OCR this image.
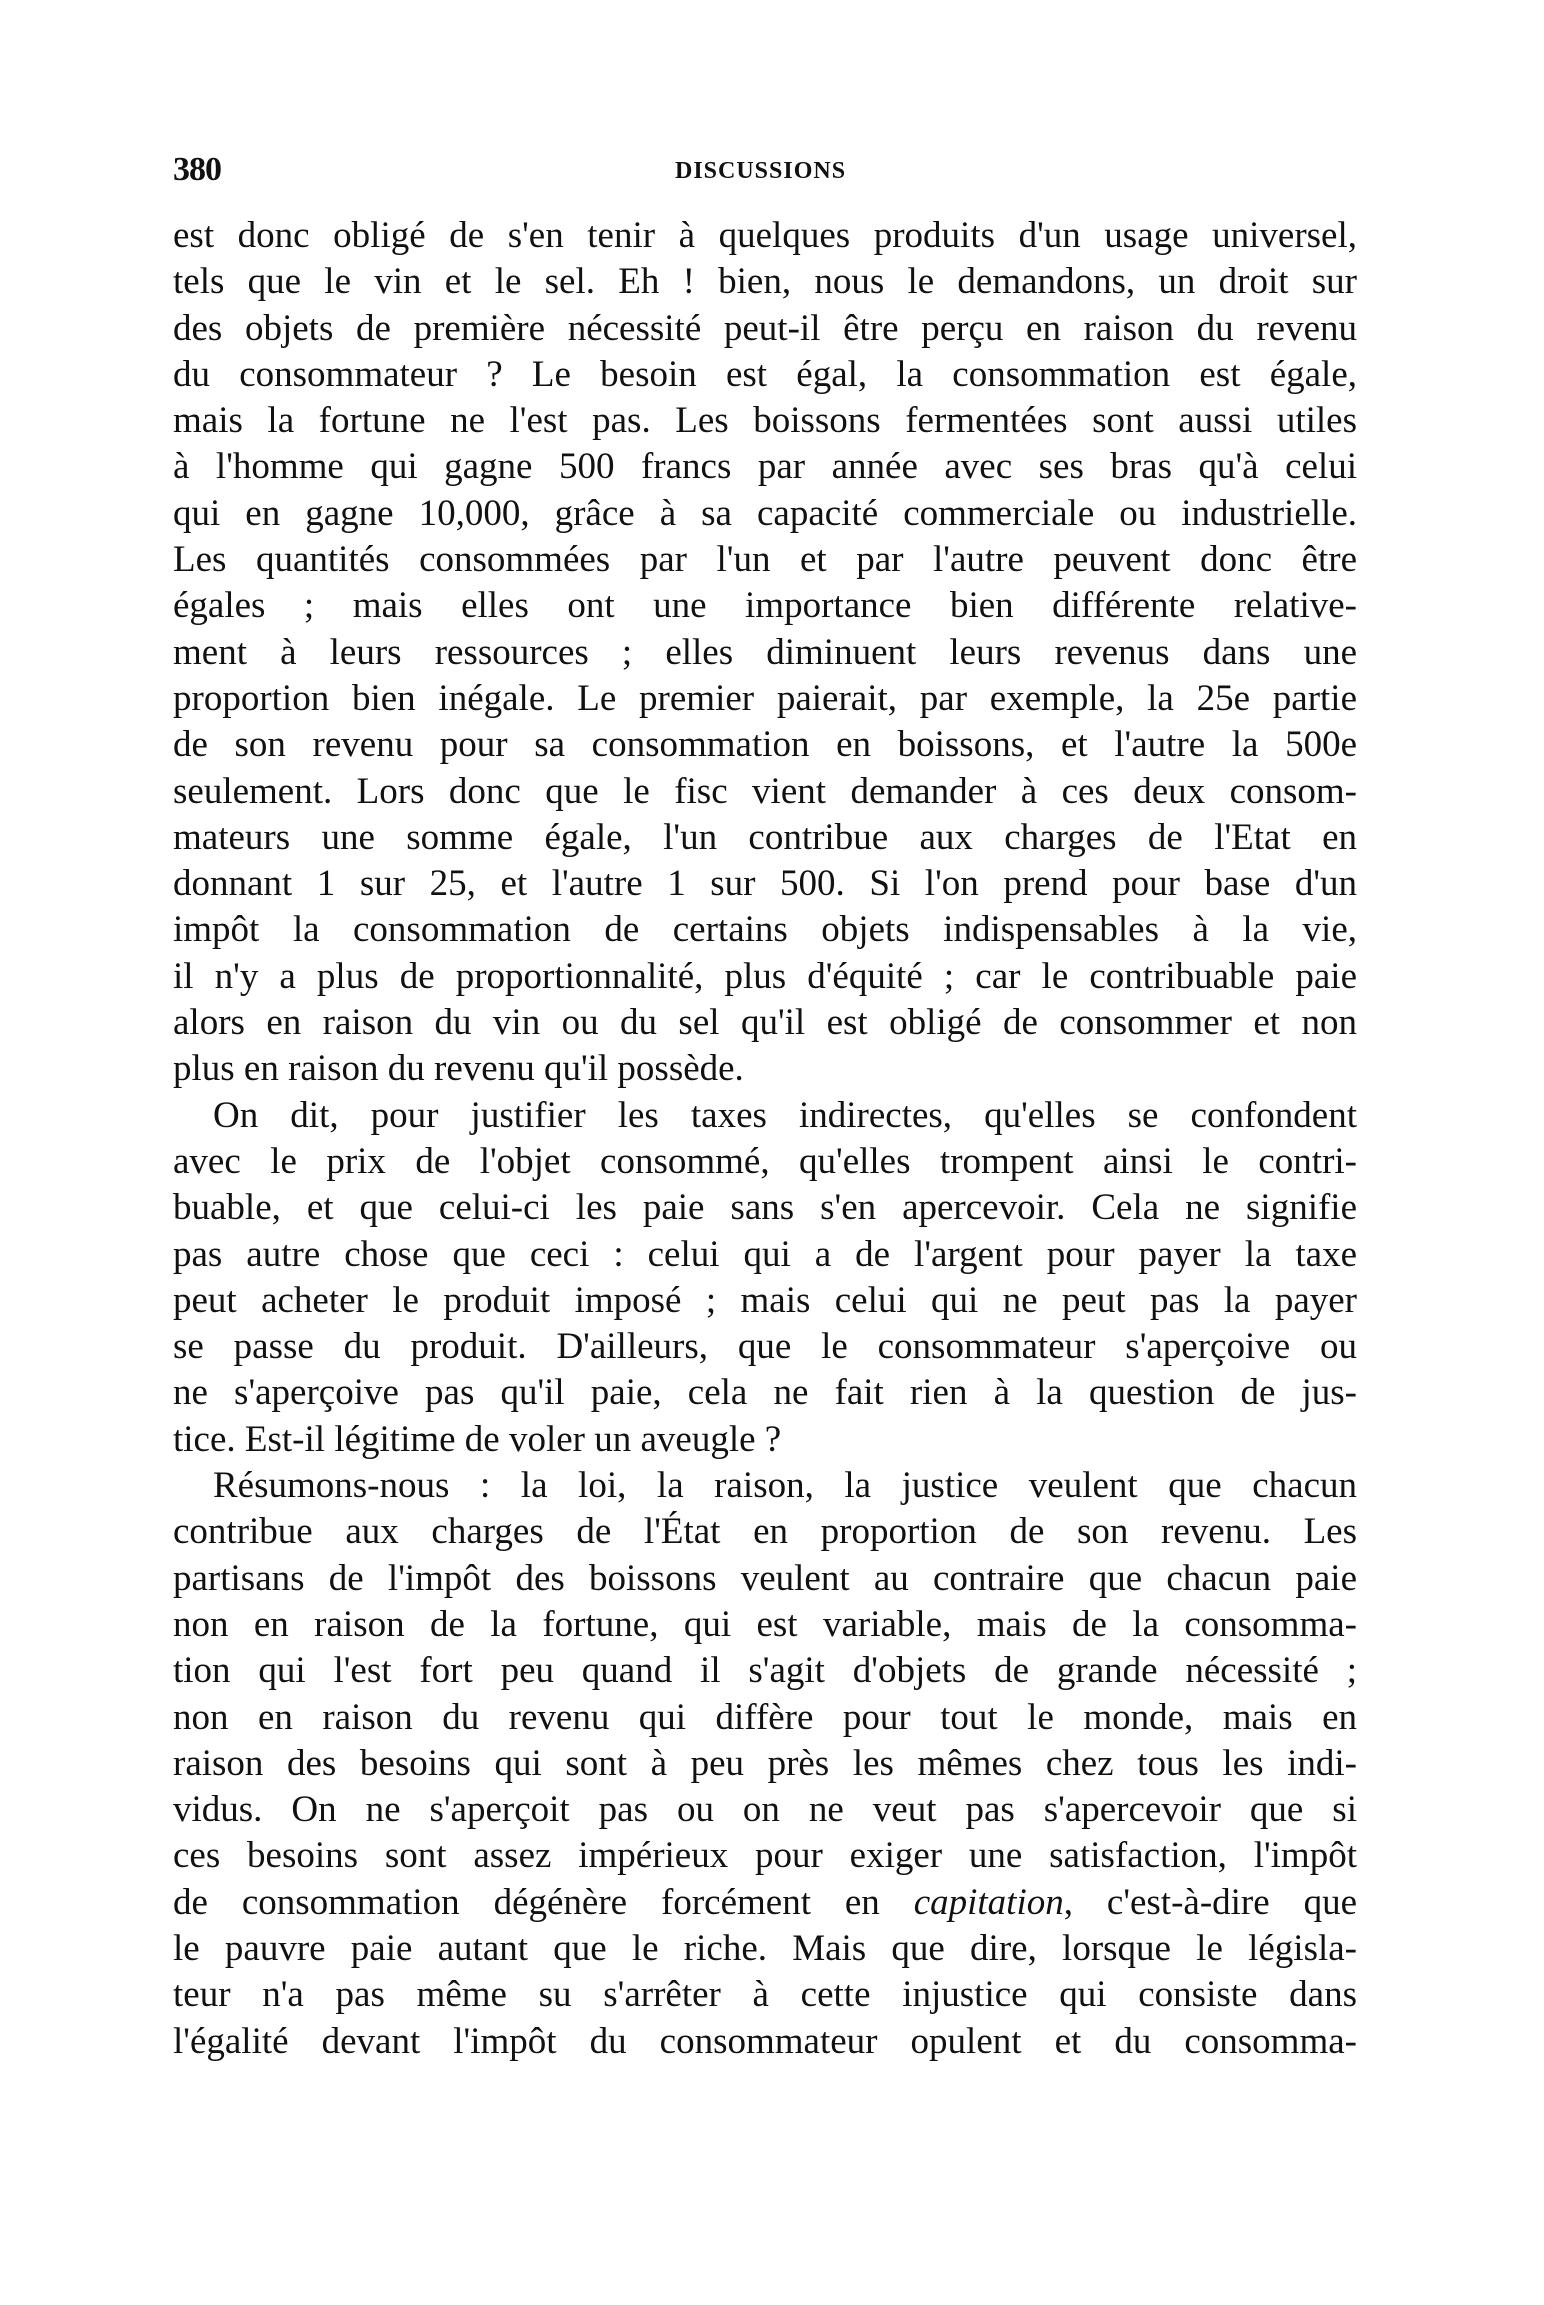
380	DISCUSSIONS
est donc obligé de s'en tenir à quelques produits d'un usage universel,
tels que le vin et le sel. Eh ! bien, nous le demandons, un droit sur
des objets de première nécessité peut-il être perçu en raison du revenu
du consommateur ? Le besoin est égal, la consommation est égale,
mais la fortune ne l'est pas. Les boissons fermentées sont aussi utiles
à l'homme qui gagne 500 francs par année avec ses bras qu'à celui
qui en gagne 10,000, grâce à sa capacité commerciale ou industrielle.
Les quantités consommées par l'un et par l'autre peuvent donc être
égales ; mais elles ont une importance bien différente relative-
ment à leurs ressources ; elles diminuent leurs revenus dans une
proportion bien inégale. Le premier paierait, par exemple, la 25e partie
de son revenu pour sa consommation en boissons, et l'autre la 500e
seulement. Lors donc que le fisc vient demander à ces deux consom-
mateurs une somme égale, l'un contribue aux charges de l'Etat en
donnant 1 sur 25, et l'autre 1 sur 500. Si l'on prend pour base d'un
impôt la consommation de certains objets indispensables à la vie,
il n'y a plus de proportionnalité, plus d'équité ; car le contribuable paie
alors en raison du vin ou du sel qu'il est obligé de consommer et non
plus en raison du revenu qu'il possède.
On dit, pour justifier les taxes indirectes, qu'elles se confondent
avec le prix de l'objet consommé, qu'elles trompent ainsi le contri-
buable, et que celui-ci les paie sans s'en apercevoir. Cela ne signifie
pas autre chose que ceci : celui qui a de l'argent pour payer la taxe
peut acheter le produit imposé ; mais celui qui ne peut pas la payer
se passe du produit. D'ailleurs, que le consommateur s'aperçoive ou
ne s'aperçoive pas qu'il paie, cela ne fait rien à la question de jus-
tice. Est-il légitime de voler un aveugle ?
Résumons-nous : la loi, la raison, la justice veulent que chacun
contribue aux charges de l'État en proportion de son revenu. Les
partisans de l'impôt des boissons veulent au contraire que chacun paie
non en raison de la fortune, qui est variable, mais de la consomma-
tion qui l'est fort peu quand il s'agit d'objets de grande nécessité ;
non en raison du revenu qui diffère pour tout le monde, mais en
raison des besoins qui sont à peu près les mêmes chez tous les indi-
vidus. On ne s'aperçoit pas ou on ne veut pas s'apercevoir que si
ces besoins sont assez impérieux pour exiger une satisfaction, l'impôt
de consommation dégénère forcément en capitation, c'est-à-dire que
le pauvre paie autant que le riche. Mais que dire, lorsque le législa-
teur n'a pas même su s'arrêter à cette injustice qui consiste dans
l'égalité devant l'impôt du consommateur opulent et du consomma-
